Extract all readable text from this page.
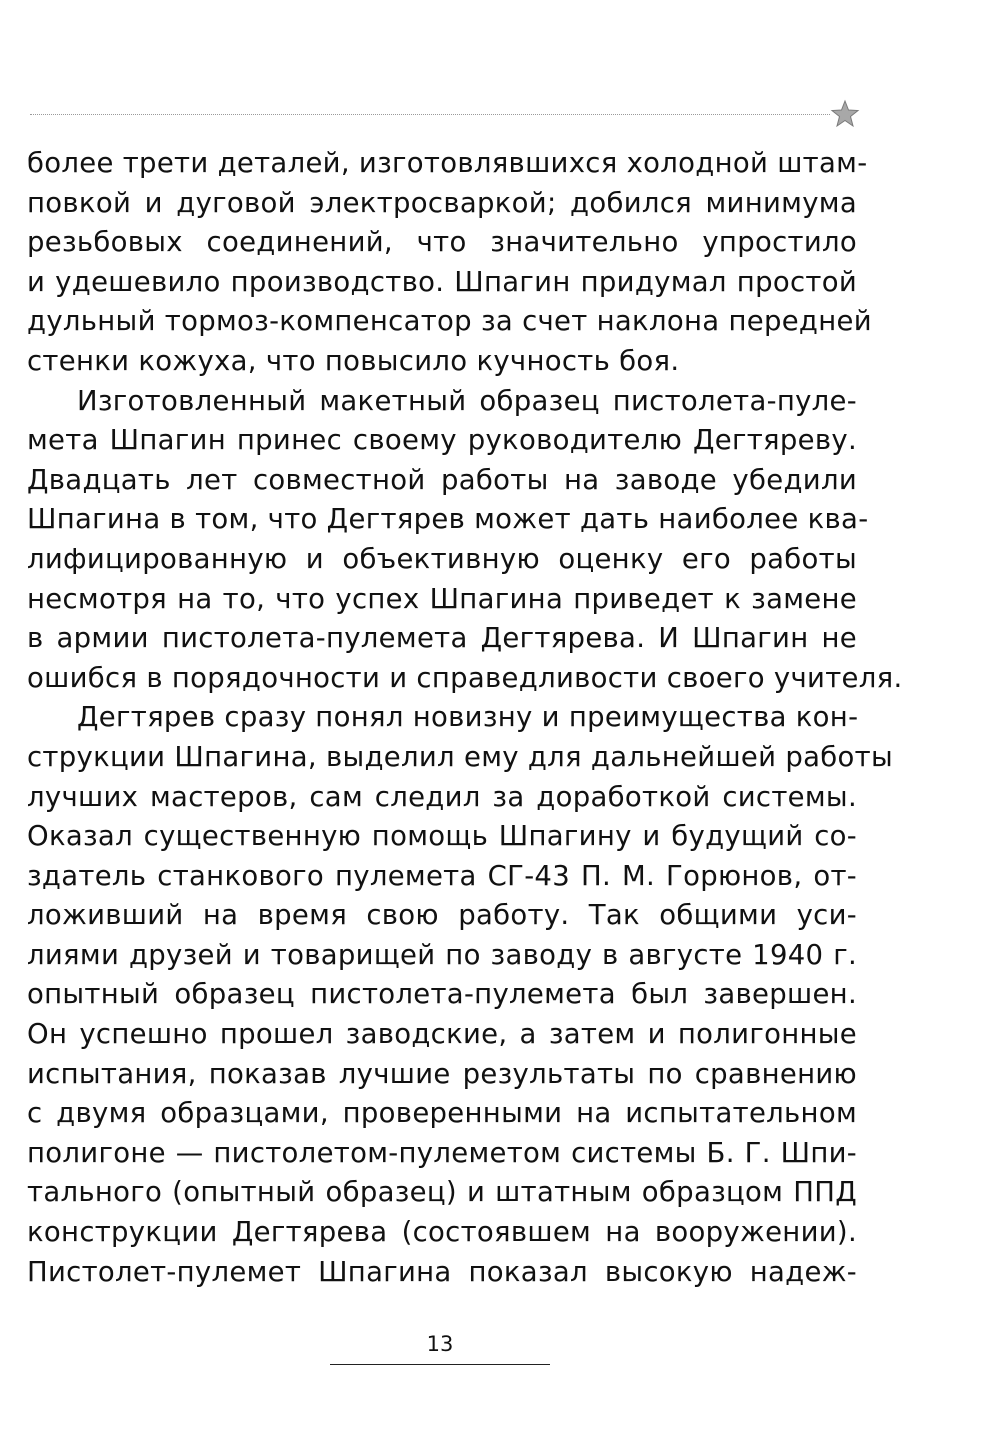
более трети деталей, изготовлявшихся холодной штам-
повкой и дуговой электросваркой; добился минимума
резьбовых соединений, что значительно упростило
и удешевило производство. Шпагин придумал простой
дульный тормоз-компенсатор за счет наклона передней
стенки кожуха, что повысило кучность боя.
Изготовленный макетный образец пистолета-пуле-
мета Шпагин принес своему руководителю Дегтяреву.
Двадцать лет совместной работы на заводе убедили
Шпагина в том, что Дегтярев может дать наиболее ква-
лифицированную и объективную оценку его работы
несмотря на то, что успех Шпагина приведет к замене
в армии пистолета-пулемета Дегтярева. И Шпагин не
ошибся в порядочности и справедливости своего учителя.
Дегтярев сразу понял новизну и преимущества кон-
струкции Шпагина, выделил ему для дальнейшей работы
лучших мастеров, сам следил за доработкой системы.
Оказал существенную помощь Шпагину и будущий со-
здатель станкового пулемета СГ-43 П. М. Горюнов, от-
ложивший на время свою работу. Так общими уси-
лиями друзей и товарищей по заводу в августе 1940 г.
опытный образец пистолета-пулемета был завершен.
Он успешно прошел заводские, а затем и полигонные
испытания, показав лучшие результаты по сравнению
с двумя образцами, проверенными на испытательном
полигоне — пистолетом-пулеметом системы Б. Г. Шпи-
тального (опытный образец) и штатным образцом ППД
конструкции Дегтярева (состоявшем на вооружении).
Пистолет-пулемет Шпагина показал высокую надеж-
13
